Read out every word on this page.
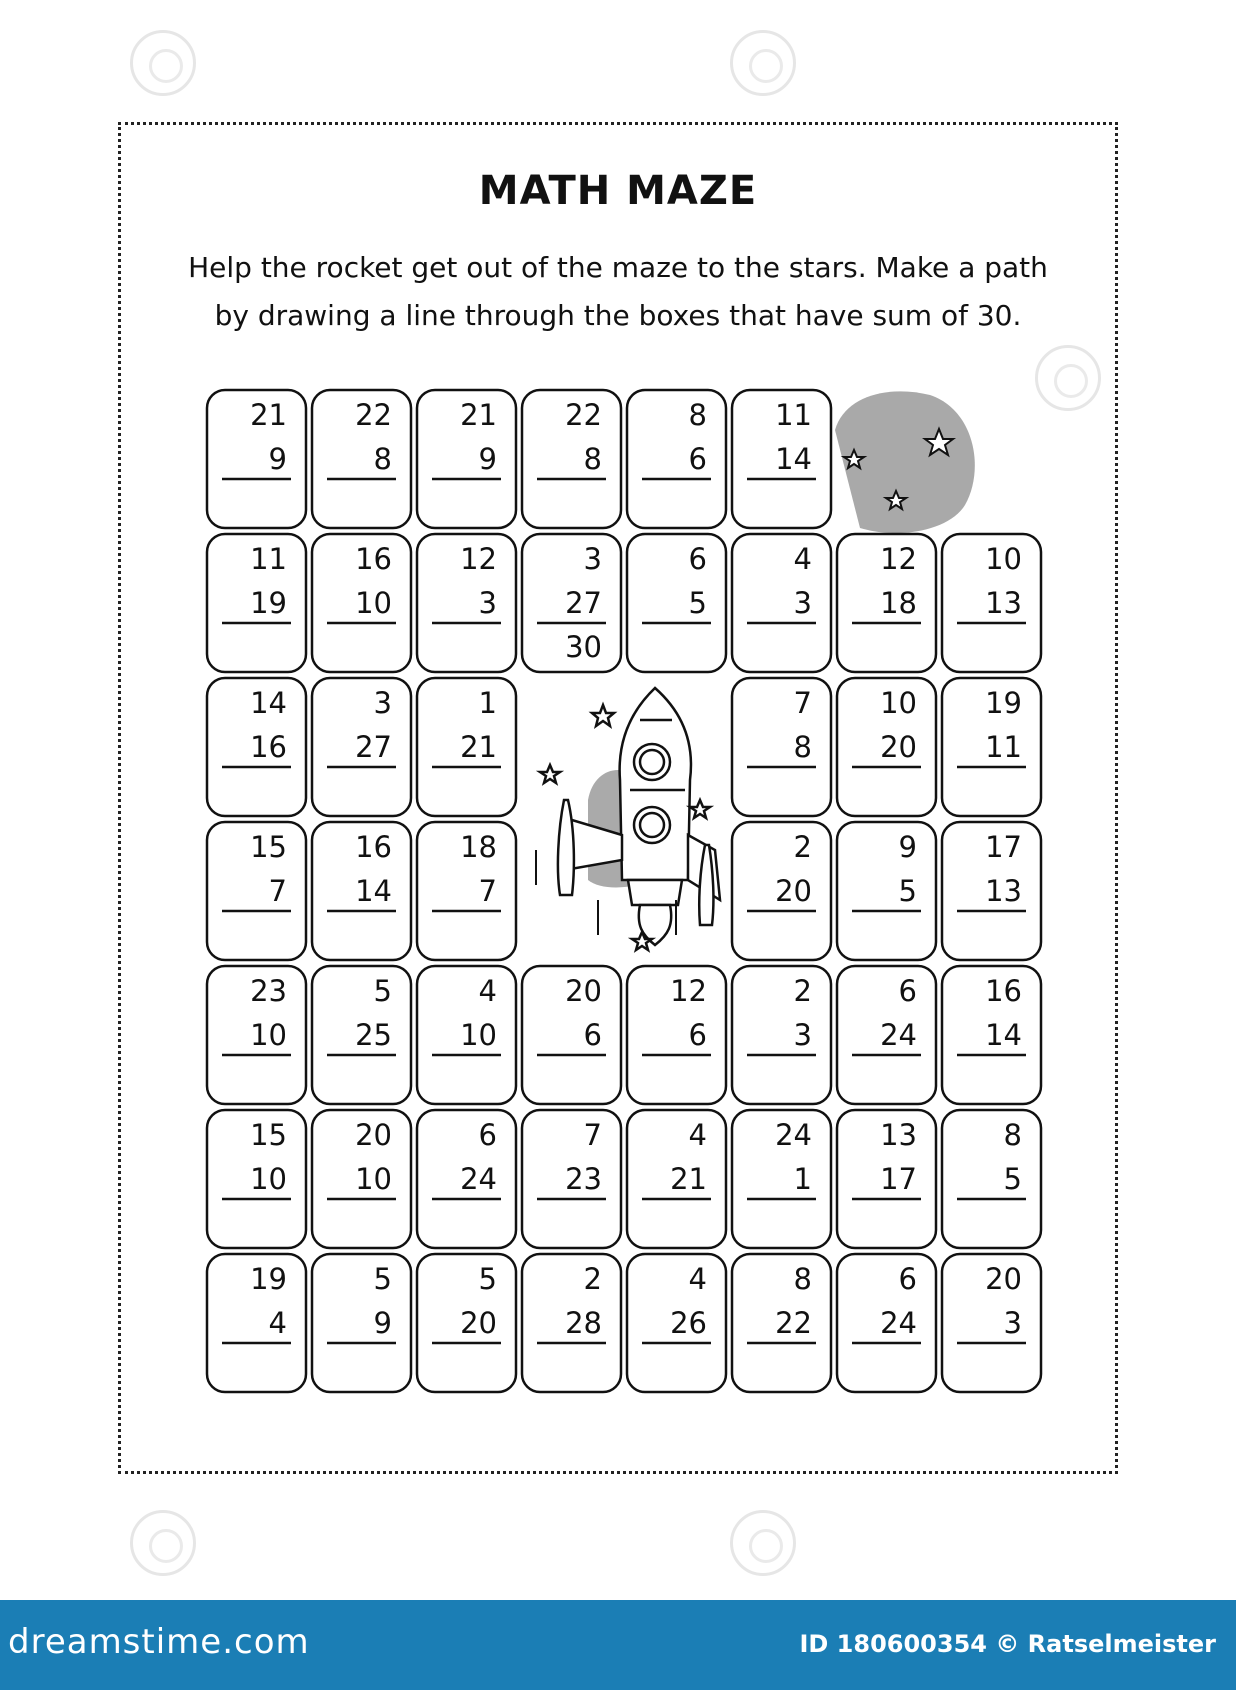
MATH MAZE
Help the rocket get out of the maze to the stars. Make a path
by drawing a line through the boxes that have sum of 30.
21
9
22
8
21
9
22
8
8
6
11
14
11
19
16
10
12
3
3
27
30
6
5
4
3
12
18
10
13
14
16
3
27
1
21
7
8
10
20
19
11
15
7
16
14
18
7
2
20
9
5
17
13
23
10
5
25
4
10
20
6
12
6
2
3
6
24
16
14
15
10
20
10
6
24
7
23
4
21
24
1
13
17
8
5
19
4
5
9
5
20
2
28
4
26
8
22
6
24
20
3
dreamstime.com	ID 180600354 © Ratselmeister
